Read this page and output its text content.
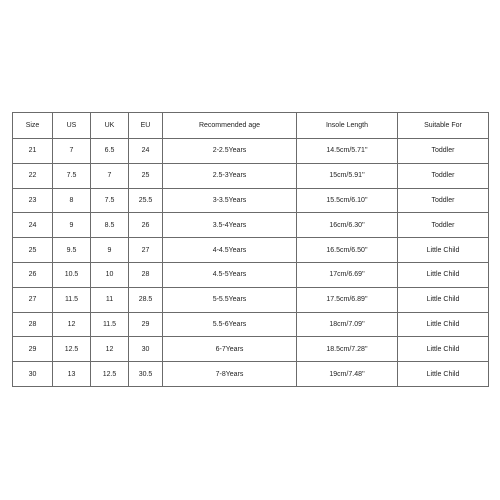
Size	US	UK	EU	Recommended age	Insole Length	Suitable For
21	7	6.5	24	2-2.5Years	14.5cm/5.71''	Toddler
22	7.5	7	25	2.5-3Years	15cm/5.91''	Toddler
23	8	7.5	25.5	3-3.5Years	15.5cm/6.10''	Toddler
24	9	8.5	26	3.5-4Years	16cm/6.30''	Toddler
25	9.5	9	27	4-4.5Years	16.5cm/6.50''	Little Child
26	10.5	10	28	4.5-5Years	17cm/6.69''	Little Child
27	11.5	11	28.5	5-5.5Years	17.5cm/6.89''	Little Child
28	12	11.5	29	5.5-6Years	18cm/7.09''	Little Child
29	12.5	12	30	6-7Years	18.5cm/7.28''	Little Child
30	13	12.5	30.5	7-8Years	19cm/7.48''	Little Child
